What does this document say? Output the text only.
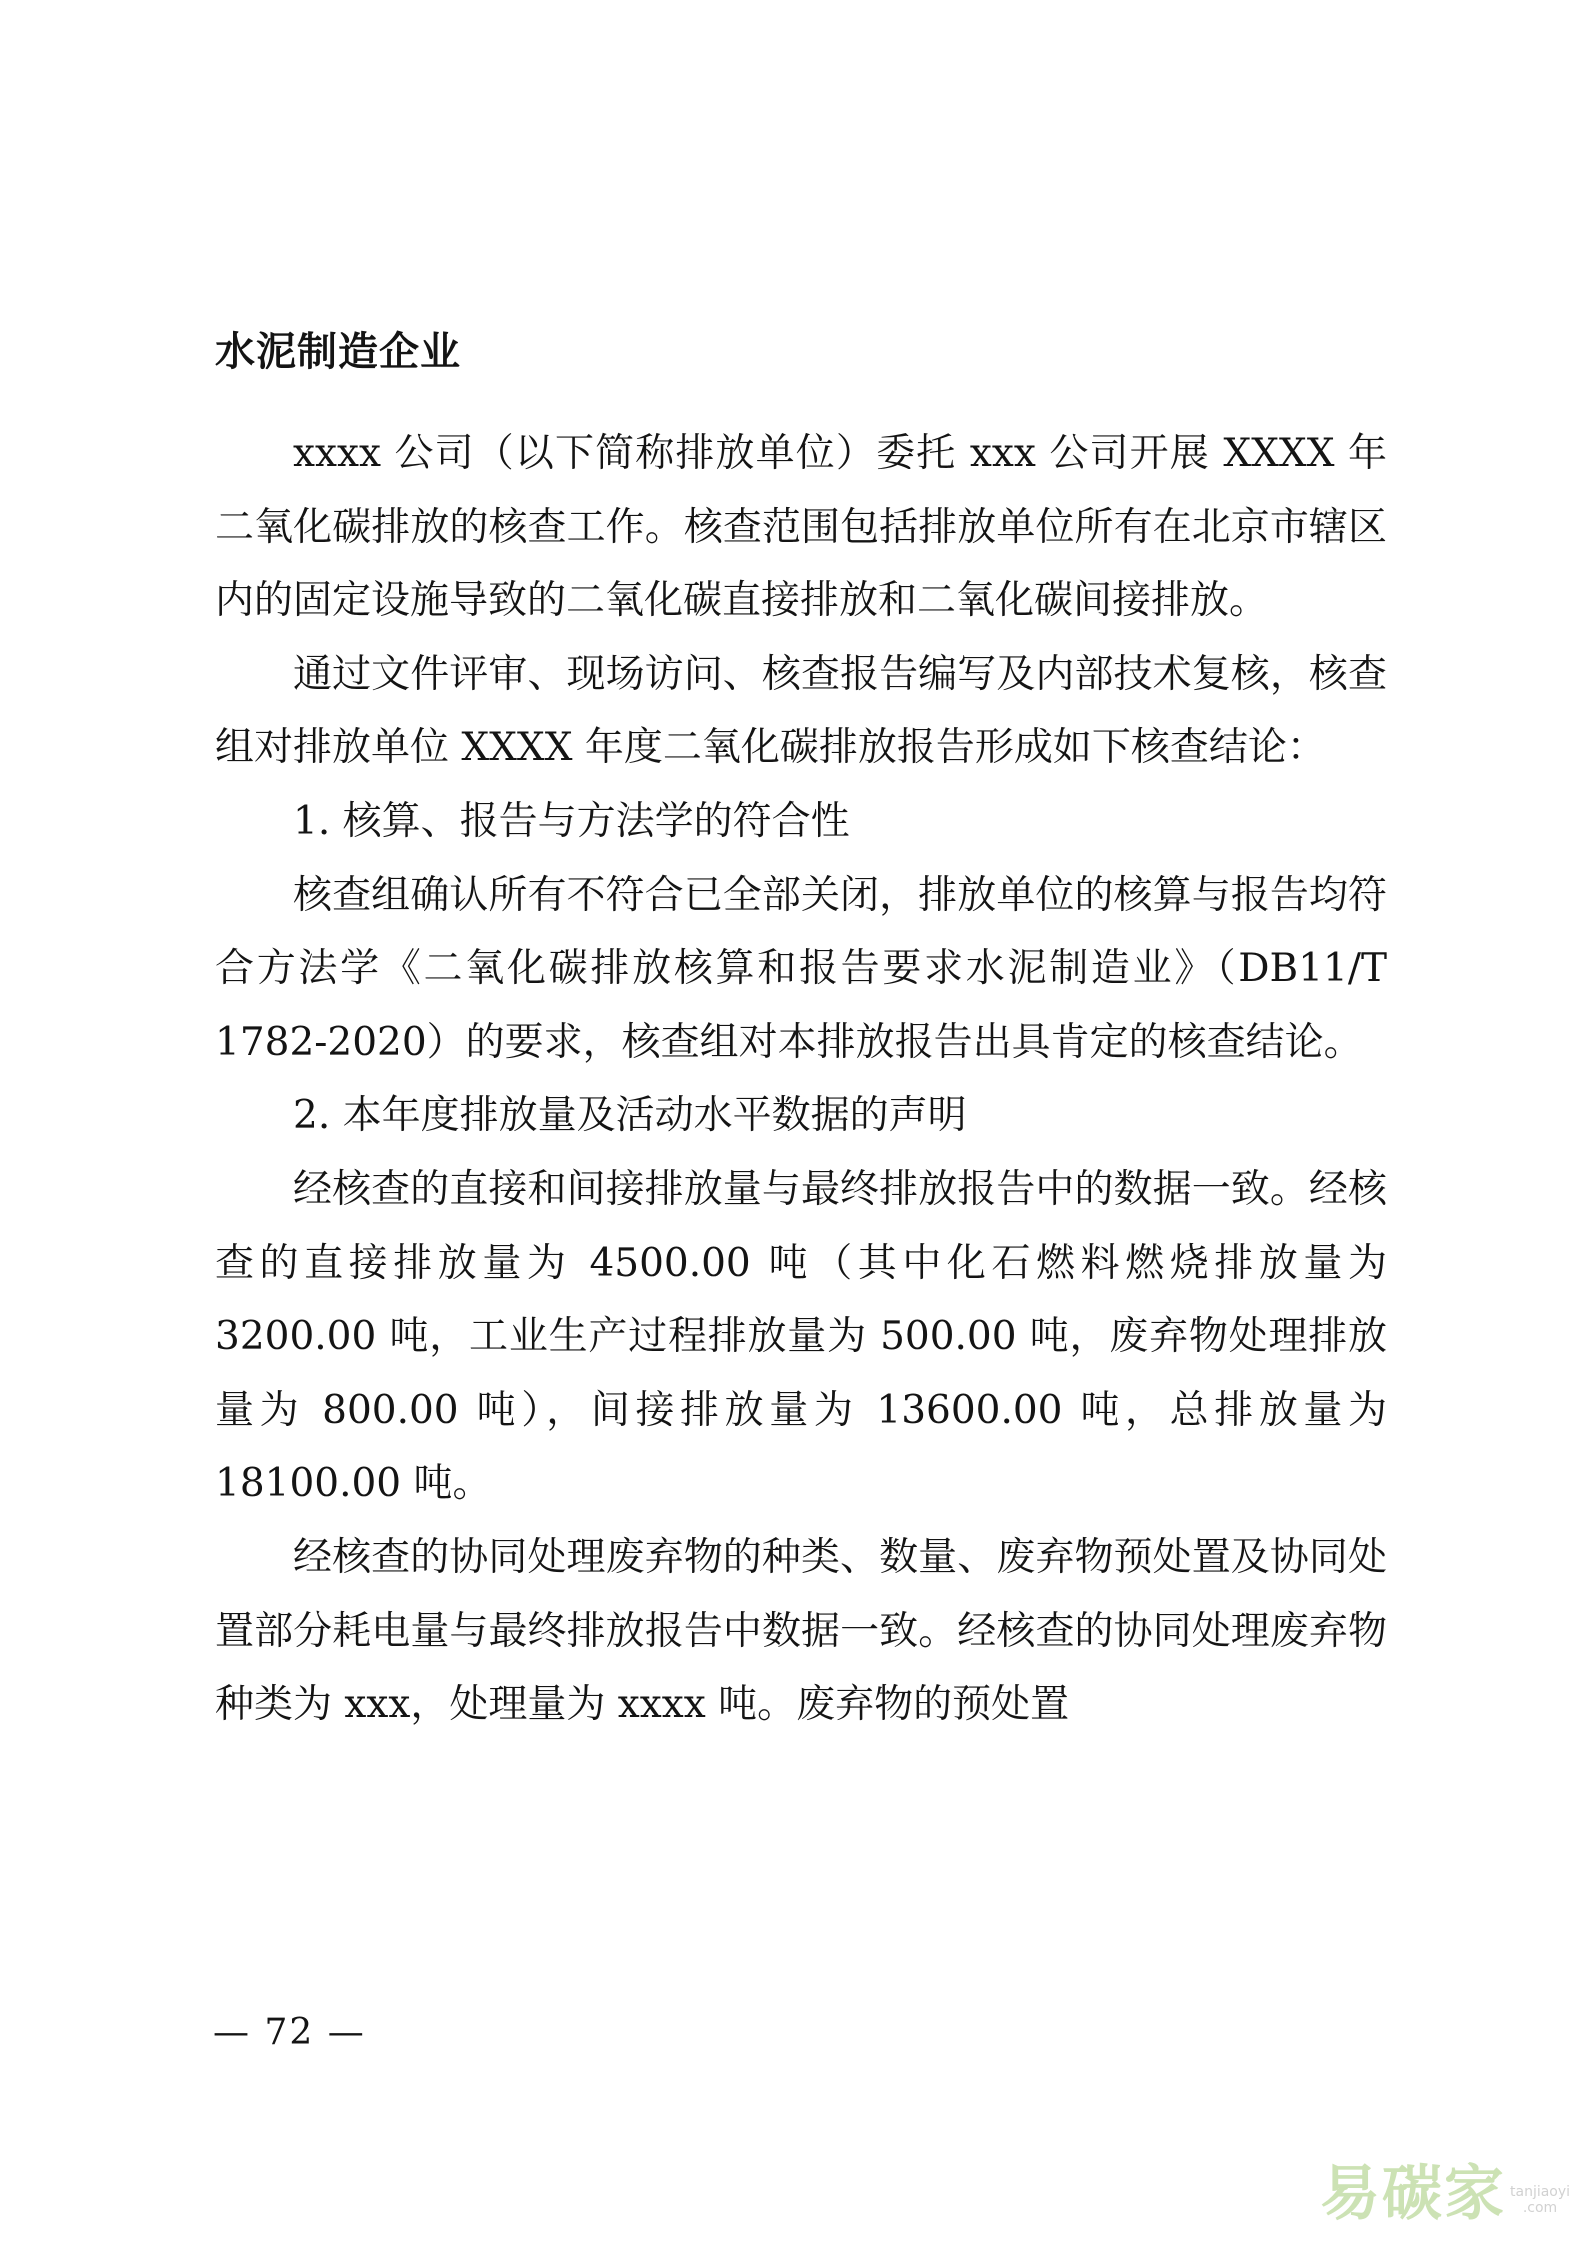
水泥制造企业

xxxx 公司（以下简称排放单位）委托 xxx 公司开展 XXXX 年二氧化碳排放的核查工作。核查范围包括排放单位所有在北京市辖区内的固定设施导致的二氧化碳直接排放和二氧化碳间接排放。

通过文件评审、现场访问、核查报告编写及内部技术复核，核查组对排放单位 XXXX 年度二氧化碳排放报告形成如下核查结论：

1. 核算、报告与方法学的符合性

核查组确认所有不符合已全部关闭，排放单位的核算与报告均符合方法学《二氧化碳排放核算和报告要求水泥制造业》（DB11/T 1782-2020）的要求，核查组对本排放报告出具肯定的核查结论。

2. 本年度排放量及活动水平数据的声明

经核查的直接和间接排放量与最终排放报告中的数据一致。经核查的直接排放量为 4500.00 吨（其中化石燃料燃烧排放量为 3200.00 吨，工业生产过程排放量为 500.00 吨，废弃物处理排放量为 800.00 吨），间接排放量为 13600.00 吨，总排放量为 18100.00 吨。

经核查的协同处理废弃物的种类、数量、废弃物预处置及协同处置部分耗电量与最终排放报告中数据一致。经核查的协同处理废弃物种类为 xxx，处理量为 xxxx 吨。废弃物的预处置

— 72 —
易碳家 tanjiaoyi
.com
